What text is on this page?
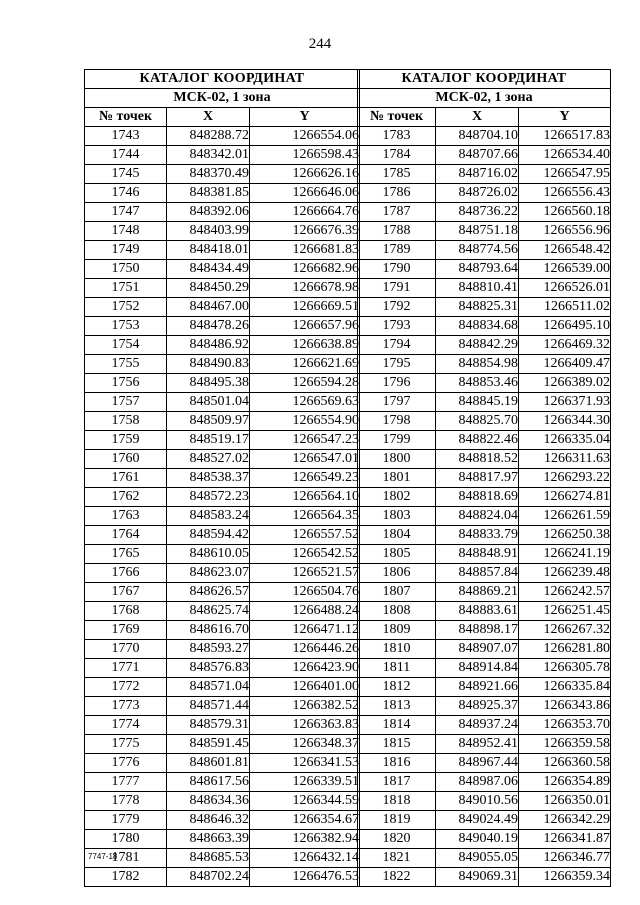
244
КАТАЛОГ КООРДИНАТ		
МСК-02, 1 зона		
№ точек	X	Y
1743	848288.72	1266554.06
1744	848342.01	1266598.43
1745	848370.49	1266626.16
1746	848381.85	1266646.06
1747	848392.06	1266664.76
1748	848403.99	1266676.39
1749	848418.01	1266681.83
1750	848434.49	1266682.96
1751	848450.29	1266678.98
1752	848467.00	1266669.51
1753	848478.26	1266657.96
1754	848486.92	1266638.89
1755	848490.83	1266621.69
1756	848495.38	1266594.28
1757	848501.04	1266569.63
1758	848509.97	1266554.90
1759	848519.17	1266547.23
1760	848527.02	1266547.01
1761	848538.37	1266549.23
1762	848572.23	1266564.10
1763	848583.24	1266564.35
1764	848594.42	1266557.52
1765	848610.05	1266542.52
1766	848623.07	1266521.57
1767	848626.57	1266504.76
1768	848625.74	1266488.24
1769	848616.70	1266471.12
1770	848593.27	1266446.26
1771	848576.83	1266423.90
1772	848571.04	1266401.00
1773	848571.44	1266382.52
1774	848579.31	1266363.83
1775	848591.45	1266348.37
1776	848601.81	1266341.53
1777	848617.56	1266339.51
1778	848634.36	1266344.59
1779	848646.32	1266354.67
1780	848663.39	1266382.94
1781	848685.53	1266432.14
1782	848702.24	1266476.53
КАТАЛОГ КООРДИНАТ		
МСК-02, 1 зона		
№ точек	X	Y
1783	848704.10	1266517.83
1784	848707.66	1266534.40
1785	848716.02	1266547.95
1786	848726.02	1266556.43
1787	848736.22	1266560.18
1788	848751.18	1266556.96
1789	848774.56	1266548.42
1790	848793.64	1266539.00
1791	848810.41	1266526.01
1792	848825.31	1266511.02
1793	848834.68	1266495.10
1794	848842.29	1266469.32
1795	848854.98	1266409.47
1796	848853.46	1266389.02
1797	848845.19	1266371.93
1798	848825.70	1266344.30
1799	848822.46	1266335.04
1800	848818.52	1266311.63
1801	848817.97	1266293.22
1802	848818.69	1266274.81
1803	848824.04	1266261.59
1804	848833.79	1266250.38
1805	848848.91	1266241.19
1806	848857.84	1266239.48
1807	848869.21	1266242.57
1808	848883.61	1266251.45
1809	848898.17	1266267.32
1810	848907.07	1266281.80
1811	848914.84	1266305.78
1812	848921.66	1266335.84
1813	848925.37	1266343.86
1814	848937.24	1266353.70
1815	848952.41	1266359.58
1816	848967.44	1266360.58
1817	848987.06	1266354.89
1818	849010.56	1266350.01
1819	849024.49	1266342.29
1820	849040.19	1266341.87
1821	849055.05	1266346.77
1822	849069.31	1266359.34
7747-18
